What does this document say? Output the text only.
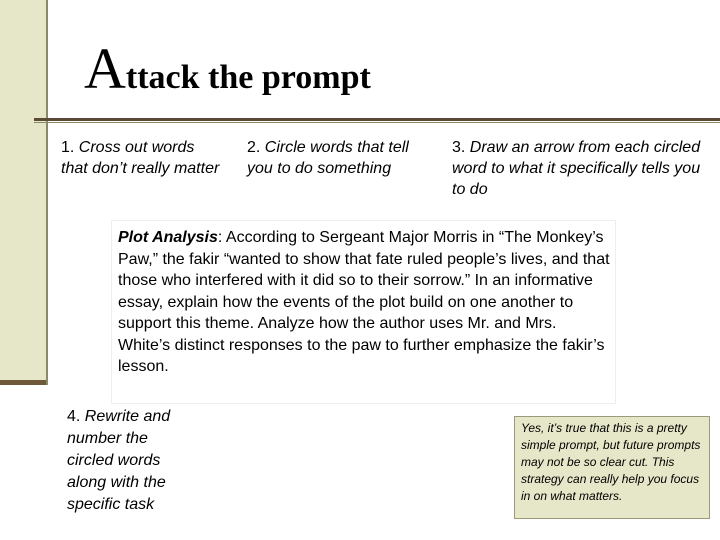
Attack the prompt
1. Cross out words that don’t really matter
2. Circle words that tell you to do something
3. Draw an arrow from each circled word to what it specifically tells you to do
Plot Analysis: According to Sergeant Major Morris in “The Monkey’s Paw,” the fakir “wanted to show that fate ruled people’s lives, and that those who interfered with it did so to their sorrow.” In an informative essay, explain how the events of the plot build on one another to support this theme. Analyze how the author uses Mr. and Mrs. White’s distinct responses to the paw to further emphasize the fakir’s lesson.
4. Rewrite and number the circled words along with the specific task
Yes, it’s true that this is a pretty simple prompt, but future prompts may not be so clear cut. This strategy can really help you focus in on what matters.
